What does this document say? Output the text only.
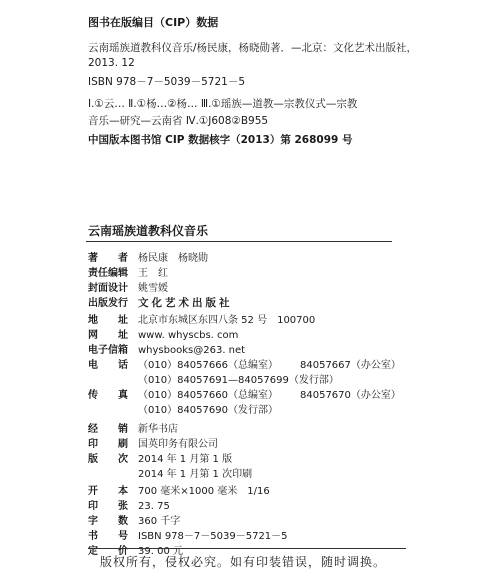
图书在版编目（CIP）数据
云南瑶族道教科仪音乐/杨民康，杨晓勋著．—北京：文化艺术出版社，
2013. 12
ISBN 978－7－5039－5721－5
Ⅰ.①云… Ⅱ.①杨…②杨… Ⅲ.①瑶族—道教—宗教仪式—宗教
音乐—研究—云南省 Ⅳ.①J608②B955
中国版本图书馆 CIP 数据核字（2013）第 268099 号
云南瑶族道教科仪音乐
著　　者 杨民康　杨晓勋
责任编辑 王　红
封面设计 姚雪媛
出版发行 文化艺术出版社
地　　址 北京市东城区东四八条 52 号　100700
网　　址 www. whyscbs. com
电子信箱 whysbooks@263. net
电　　话 （010）84057666（总编室） 84057667（办公室）
（010）84057691—84057699（发行部）
传　　真 （010）84057660（总编室） 84057670（办公室）
（010）84057690（发行部）
经　　销 新华书店
印　　刷 国英印务有限公司
版　　次 2014 年 1 月第 1 版
2014 年 1 月第 1 次印刷
开　　本 700 毫米×1000 毫米　1/16
印　　张 23. 75
字　　数 360 千字
书　　号 ISBN 978－7－5039－5721－5
定　　价 39. 00 元
版权所有，侵权必究。如有印装错误，随时调换。
